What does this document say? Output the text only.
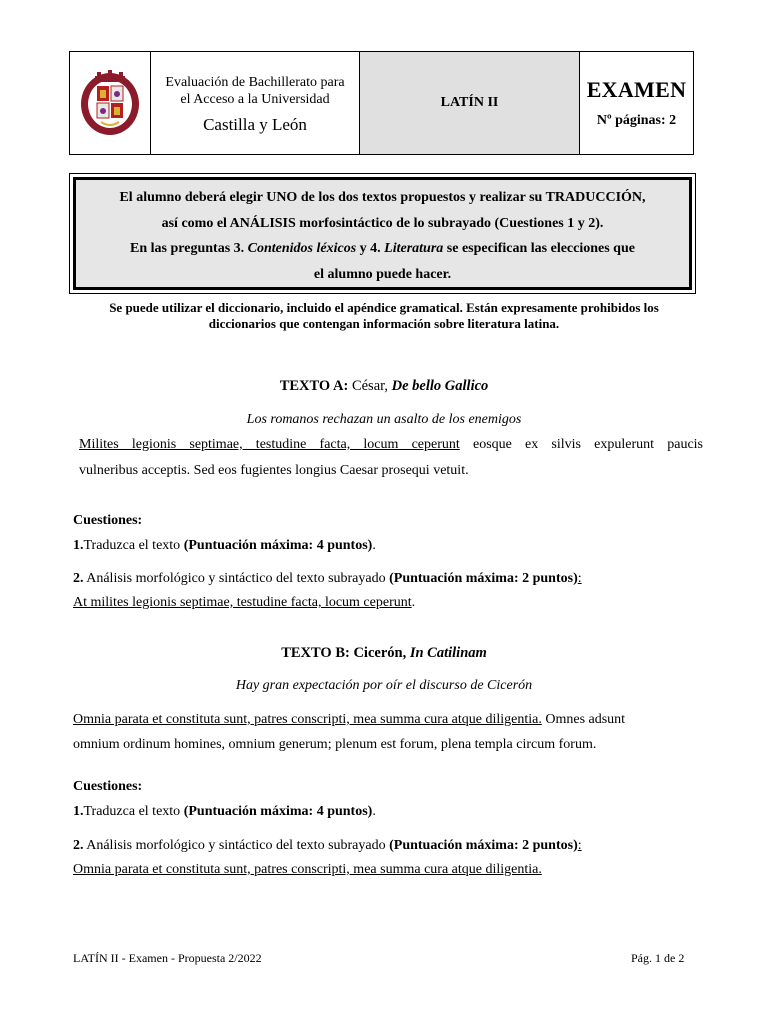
Evaluación de Bachillerato para
el Acceso a la Universidad
Castilla y León
LATÍN II
EXAMEN
Nº páginas: 2
El alumno deberá elegir UNO de los dos textos propuestos y realizar su TRADUCCIÓN,
así como el ANÁLISIS morfosintáctico de lo subrayado (Cuestiones 1 y 2).
En las preguntas 3. Contenidos léxicos y 4. Literatura se especifican las elecciones que
el alumno puede hacer.
Se puede utilizar el diccionario, incluido el apéndice gramatical. Están expresamente prohibidos los
diccionarios que contengan información sobre literatura latina.
TEXTO A: César, De bello Gallico
Los romanos rechazan un asalto de los enemigos
Milites legionis septimae, testudine facta, locum ceperunt eosque ex silvis expulerunt paucis
vulneribus acceptis. Sed eos fugientes longius Caesar prosequi vetuit.
Cuestiones:
1.Traduzca el texto (Puntuación máxima: 4 puntos).
2. Análisis morfológico y sintáctico del texto subrayado (Puntuación máxima: 2 puntos):
At milites legionis septimae, testudine facta, locum ceperunt.
TEXTO B: Cicerón, In Catilinam
Hay gran expectación por oír el discurso de Cicerón
Omnia parata et constituta sunt, patres conscripti, mea summa cura atque diligentia. Omnes adsunt
omnium ordinum homines, omnium generum; plenum est forum, plena templa circum forum.
Cuestiones:
1.Traduzca el texto (Puntuación máxima: 4 puntos).
2. Análisis morfológico y sintáctico del texto subrayado (Puntuación máxima: 2 puntos):
Omnia parata et constituta sunt, patres conscripti, mea summa cura atque diligentia.
LATÍN II - Examen - Propuesta 2/2022	Pág. 1 de 2
